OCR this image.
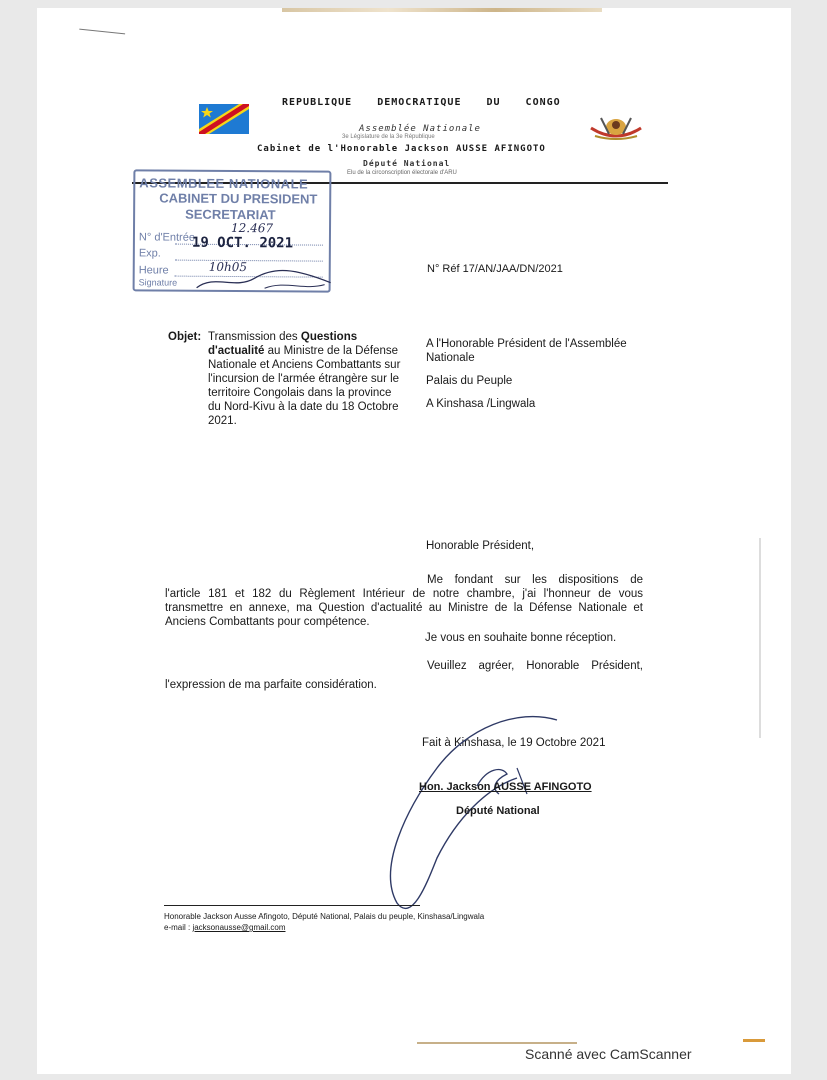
REPUBLIQUE DEMOCRATIQUE DU CONGO
Assemblée Nationale
3e Législature de la 3e République
Cabinet de l'Honorable Jackson AUSSE AFINGOTO
Député National
Elu de la circonscription électorale d'ARU
ASSEMBLEE NATIONALE
CABINET DU PRESIDENT
SECRETARIAT
N° d'Entrée
Exp.
Heure
Signature
19 OCT. 2021
12.467
10h05	N° Réf 17/AN/JAA/DN/2021
Objet: Transmission des Questions d'actualité au Ministre de la Défense Nationale et Anciens Combattants sur l'incursion de l'armée étrangère sur le territoire Congolais dans la province du Nord-Kivu à la date du 18 Octobre 2021.
A l'Honorable Président de l'Assemblée Nationale
Palais du Peuple
A Kinshasa /Lingwala
Honorable Président,
Me fondant sur les dispositions de
l'article 181 et 182 du Règlement Intérieur de notre chambre, j'ai l'honneur de vous transmettre en annexe, ma Question d'actualité au Ministre de la Défense Nationale et Anciens Combattants pour compétence.
Je vous en souhaite bonne réception.
Veuillez agréer, Honorable Président,
l'expression de ma parfaite considération.
Fait à Kinshasa, le 19 Octobre 2021
Hon. Jackson AUSSE AFINGOTO
Député National
Honorable Jackson Ausse Afingoto, Député National, Palais du peuple, Kinshasa/Lingwala
e-mail : jacksonausse@gmail.com
Scanné avec CamScanner
